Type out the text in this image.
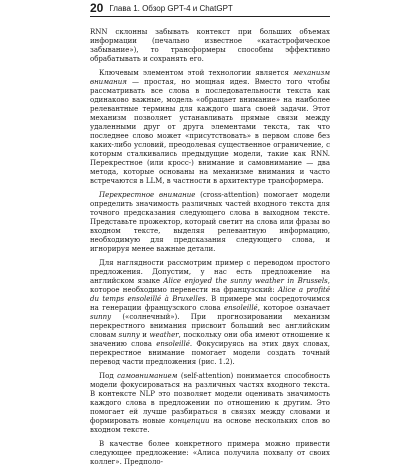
20 Глава 1. Обзор GPT-4 и ChatGPT

RNN склонны забывать контекст при больших объемах информации (печально известное «катастрофическое забывание»), то трансформеры способны эффективно обрабатывать и сохранять его.

Ключевым элементом этой технологии является механизм внимания — простая, но мощная идея. Вместо того чтобы рассматривать все слова в последовательности текста как одинаково важные, модель «обращает внимание» на наиболее релевантные термины для каждого шага своей задачи. Этот механизм позволяет устанавливать прямые связи между удаленными друг от друга элементами текста, так что последнее слово может «присутствовать» в первом слове без каких-либо условий, преодолевая существенное ограничение, с которым сталкивались предыдущие модели, такие как RNN. Перекрестное (или кросс-) внимание и самовнимание — два метода, которые основаны на механизме внимания и часто встречаются в LLM, в частности в архитектуре трансформера.

Перекрестное внимание (cross-attention) помогает модели определить значимость различных частей входного текста для точного предсказания следующего слова в выходном тексте. Представьте прожектор, который светит на слова или фразы во входном тексте, выделяя релевантную информацию, необходимую для предсказания следующего слова, и игнорируя менее важные детали.

Для наглядности рассмотрим пример с переводом простого предложения. Допустим, у нас есть предложение на английском языке Alice enjoyed the sunny weather in Brussels, которое необходимо перевести на французский: Alice a profité du temps ensoleillé à Bruxelles. В примере мы сосредоточимся на генерации французского слова ensoleillé, которое означает sunny («солнечный»). При прогнозировании механизм перекрестного внимания присвоит больший вес английским словам sunny и weather, поскольку они оба имеют отношение к значению слова ensoleillé. Фокусируясь на этих двух словах, перекрестное внимание помогает модели создать точный перевод части предложения (рис. 1.2).

Под самовниманием (self-attention) понимается способность модели фокусироваться на различных частях входного текста. В контексте NLP это позволяет модели оценивать значимость каждого слова в предложении по отношению к другим. Это помогает ей лучше разбираться в связях между словами и формировать новые концепции на основе нескольких слов во входном тексте.

В качестве более конкретного примера можно привести следующее предложение: «Алиса получила похвалу от своих коллег». Предполо-
